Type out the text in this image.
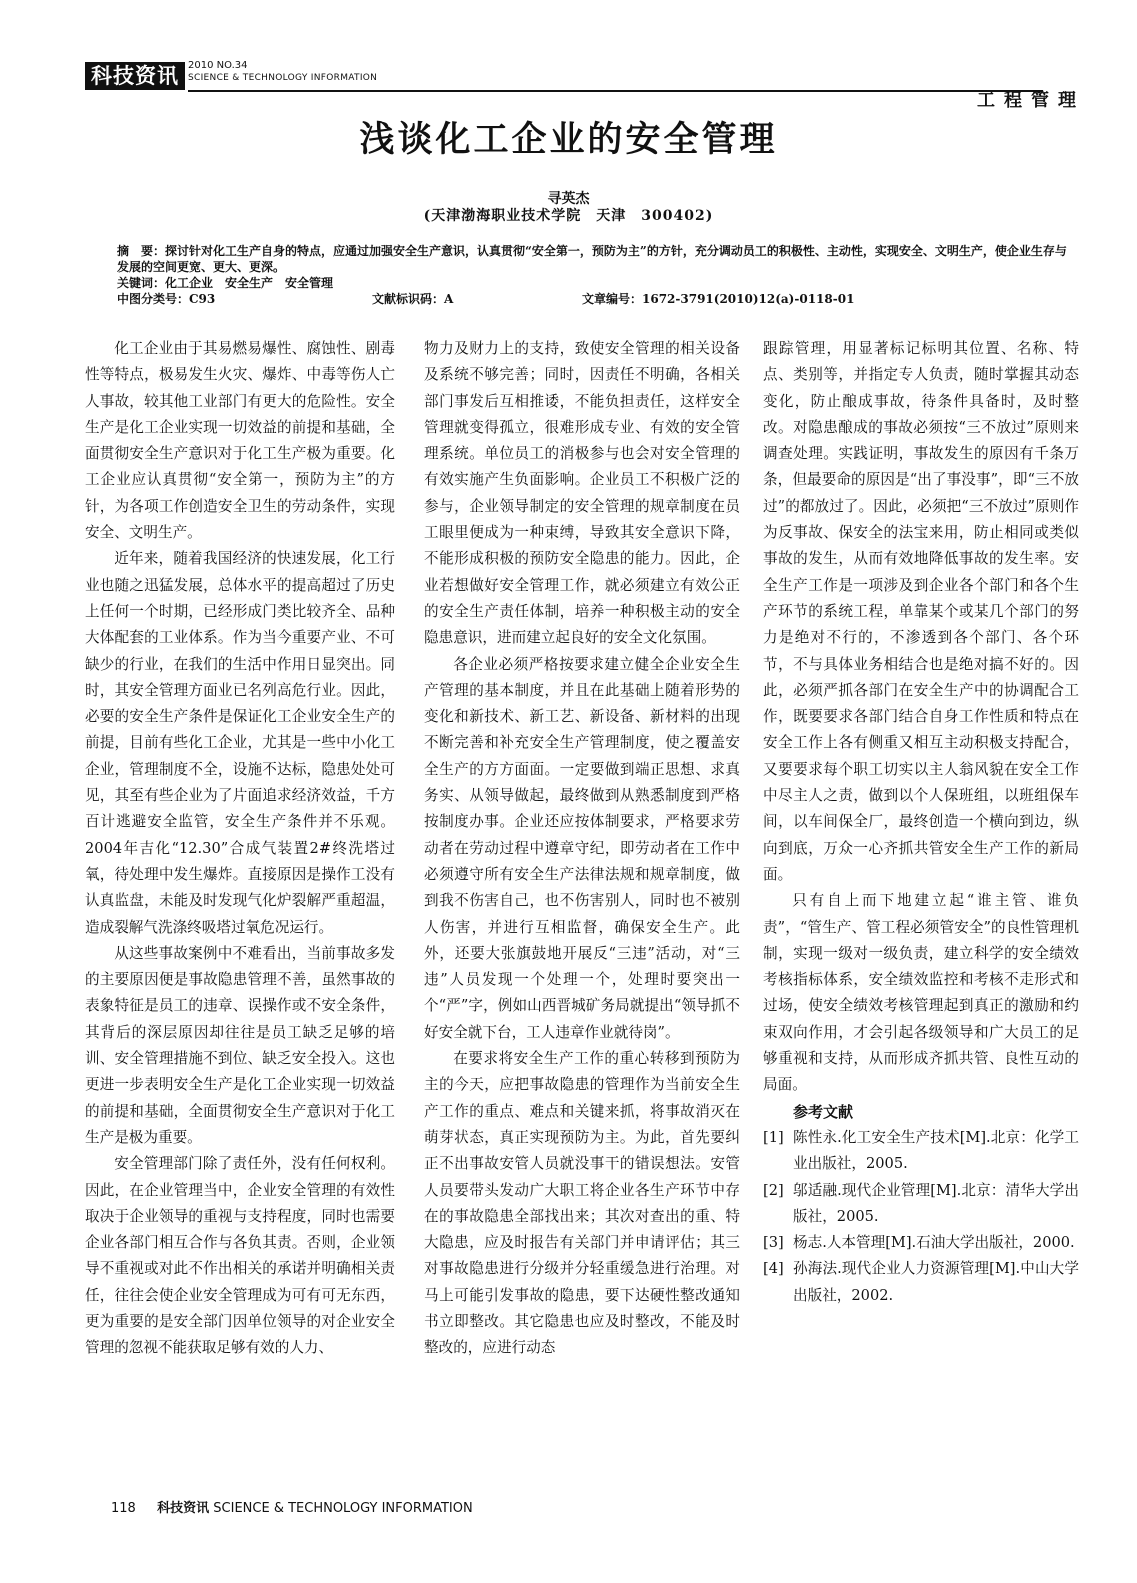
科技资讯 2010 NO.34
SCIENCE & TECHNOLOGY INFORMATION
工程管理
浅谈化工企业的安全管理
寻英杰
(天津渤海职业技术学院　天津　300402)
摘　要：探讨针对化工生产自身的特点，应通过加强安全生产意识，认真贯彻“安全第一，预防为主”的方针，充分调动员工的积极性、主动性，实现安全、文明生产，使企业生存与发展的空间更宽、更大、更深。
关键词：化工企业　安全生产　安全管理
中图分类号：C93	文献标识码：A	文章编号：1672-3791(2010)12(a)-0118-01

化工企业由于其易燃易爆性、腐蚀性、剧毒性等特点，极易发生火灾、爆炸、中毒等伤人亡人事故，较其他工业部门有更大的危险性。安全生产是化工企业实现一切效益的前提和基础，全面贯彻安全生产意识对于化工生产极为重要。化工企业应认真贯彻“安全第一，预防为主”的方针，为各项工作创造安全卫生的劳动条件，实现安全、文明生产。

近年来，随着我国经济的快速发展，化工行业也随之迅猛发展，总体水平的提高超过了历史上任何一个时期，已经形成门类比较齐全、品种大体配套的工业体系。作为当今重要产业、不可缺少的行业，在我们的生活中作用日显突出。同时，其安全管理方面业已名列高危行业。因此，必要的安全生产条件是保证化工企业安全生产的前提，目前有些化工企业，尤其是一些中小化工企业，管理制度不全，设施不达标，隐患处处可见，其至有些企业为了片面追求经济效益，千方百计逃避安全监管，安全生产条件并不乐观。2004年吉化“12.30”合成气装置2#终洗塔过氧，待处理中发生爆炸。直接原因是操作工没有认真监盘，未能及时发现气化炉裂解严重超温，造成裂解气洗涤终吸塔过氧危况运行。

从这些事故案例中不难看出，当前事故多发的主要原因便是事故隐患管理不善，虽然事故的表象特征是员工的违章、误操作或不安全条件，其背后的深层原因却往往是员工缺乏足够的培训、安全管理措施不到位、缺乏安全投入。这也更进一步表明安全生产是化工企业实现一切效益的前提和基础，全面贯彻安全生产意识对于化工生产是极为重要。

安全管理部门除了责任外，没有任何权利。因此，在企业管理当中，企业安全管理的有效性取决于企业领导的重视与支持程度，同时也需要企业各部门相互合作与各负其责。否则，企业领导不重视或对此不作出相关的承诺并明确相关责任，往往会使企业安全管理成为可有可无东西，更为重要的是安全部门因单位领导的对企业安全管理的忽视不能获取足够有效的人力、

物力及财力上的支持，致使安全管理的相关设备及系统不够完善；同时，因责任不明确，各相关部门事发后互相推诿，不能负担责任，这样安全管理就变得孤立，很难形成专业、有效的安全管理系统。单位员工的消极参与也会对安全管理的有效实施产生负面影响。企业员工不积极广泛的参与，企业领导制定的安全管理的规章制度在员工眼里便成为一种束缚，导致其安全意识下降，不能形成积极的预防安全隐患的能力。因此，企业若想做好安全管理工作，就必须建立有效公正的安全生产责任体制，培养一种积极主动的安全隐患意识，进而建立起良好的安全文化氛围。

各企业必须严格按要求建立健全企业安全生产管理的基本制度，并且在此基础上随着形势的变化和新技术、新工艺、新设备、新材料的出现不断完善和补充安全生产管理制度，使之覆盖安全生产的方方面面。一定要做到端正思想、求真务实、从领导做起，最终做到从熟悉制度到严格按制度办事。企业还应按体制要求，严格要求劳动者在劳动过程中遵章守纪，即劳动者在工作中必须遵守所有安全生产法律法规和规章制度，做到我不伤害自己，也不伤害别人，同时也不被别人伤害，并进行互相监督，确保安全生产。此外，还要大张旗鼓地开展反“三违”活动，对“三违”人员发现一个处理一个，处理时要突出一个“严”字，例如山西晋城矿务局就提出“领导抓不好安全就下台，工人违章作业就待岗”。

在要求将安全生产工作的重心转移到预防为主的今天，应把事故隐患的管理作为当前安全生产工作的重点、难点和关键来抓，将事故消灭在萌芽状态，真正实现预防为主。为此，首先要纠正不出事故安管人员就没事干的错误想法。安管人员要带头发动广大职工将企业各生产环节中存在的事故隐患全部找出来；其次对查出的重、特大隐患，应及时报告有关部门并申请评估；其三对事故隐患进行分级并分轻重缓急进行治理。对马上可能引发事故的隐患，要下达硬性整改通知书立即整改。其它隐患也应及时整改，不能及时整改的，应进行动态

跟踪管理，用显著标记标明其位置、名称、特点、类别等，并指定专人负责，随时掌握其动态变化，防止酿成事故，待条件具备时，及时整改。对隐患酿成的事故必须按“三不放过”原则来调查处理。实践证明，事故发生的原因有千条万条，但最要命的原因是“出了事没事”，即“三不放过”的都放过了。因此，必须把“三不放过”原则作为反事故、保安全的法宝来用，防止相同或类似事故的发生，从而有效地降低事故的发生率。安全生产工作是一项涉及到企业各个部门和各个生产环节的系统工程，单靠某个或某几个部门的努力是绝对不行的，不渗透到各个部门、各个环节，不与具体业务相结合也是绝对搞不好的。因此，必须严抓各部门在安全生产中的协调配合工作，既要要求各部门结合自身工作性质和特点在安全工作上各有侧重又相互主动积极支持配合，又要要求每个职工切实以主人翁风貌在安全工作中尽主人之责，做到以个人保班组，以班组保车间，以车间保全厂，最终创造一个横向到边，纵向到底，万众一心齐抓共管安全生产工作的新局面。

只有自上而下地建立起“谁主管、谁负责”，“管生产、管工程必须管安全”的良性管理机制，实现一级对一级负责，建立科学的安全绩效考核指标体系，安全绩效监控和考核不走形式和过场，使安全绩效考核管理起到真正的激励和约束双向作用，才会引起各级领导和广大员工的足够重视和支持，从而形成齐抓共管、良性互动的局面。

参考文献

[1] 陈性永.化工安全生产技术[M].北京：化学工业出版社，2005.
[2] 邬适融.现代企业管理[M].北京：清华大学出版社，2005.
[3] 杨志.人本管理[M].石油大学出版社，2000.
[4] 孙海法.现代企业人力资源管理[M].中山大学出版社，2002.
118 科技资讯 SCIENCE & TECHNOLOGY INFORMATION
